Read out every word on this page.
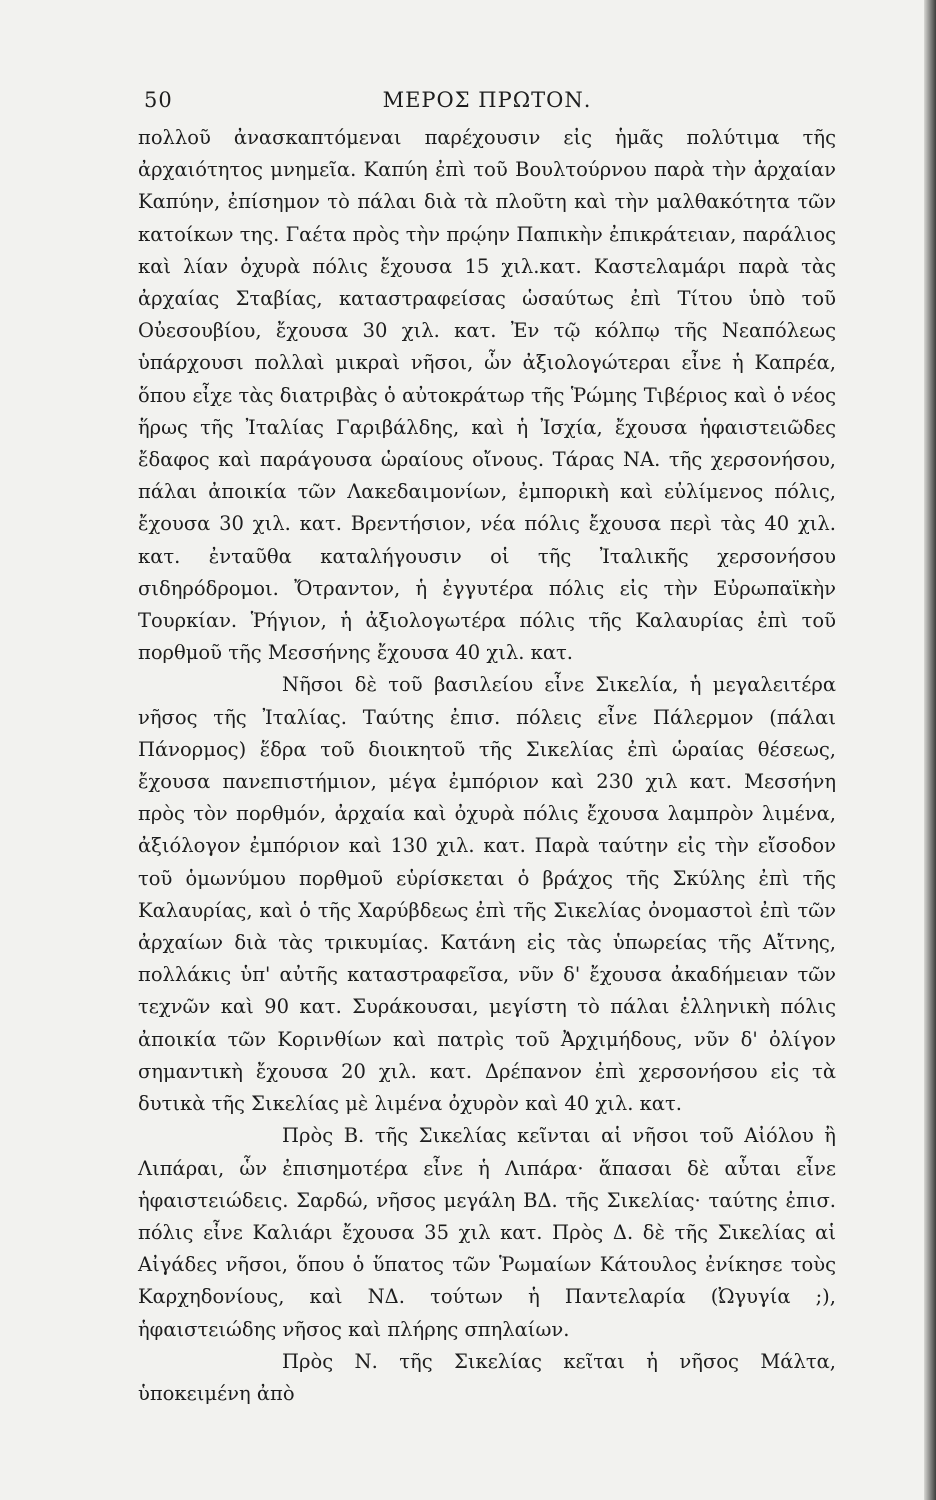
50	ΜΕΡΟΣ ΠΡΩΤΟΝ.

πολλοῦ ἀνασκαπτόμεναι παρέχουσιν εἰς ἡμᾶς πολύτιμα τῆς ἀρχαιότητος μνημεῖα. Καπύη ἐπὶ τοῦ Βουλτούρνου παρὰ τὴν ἀρχαίαν Καπύην, ἐπίσημον τὸ πάλαι διὰ τὰ πλοῦτη καὶ τὴν μαλθακότητα τῶν κατοίκων της. Γαέτα πρὸς τὴν πρῴην Παπικὴν ἐπικράτειαν, παράλιος καὶ λίαν ὀχυρὰ πόλις ἔχουσα 15 χιλ.κατ. Καστελαμάρι παρὰ τὰς ἀρχαίας Σταβίας, καταστραφείσας ὡσαύτως ἐπὶ Τίτου ὑπὸ τοῦ Οὐεσουβίου, ἔχουσα 30 χιλ. κατ. Ἐν τῷ κόλπῳ τῆς Νεαπόλεως ὑπάρχουσι πολλαὶ μικραὶ νῆσοι, ὧν ἀξιολογώτεραι εἶνε ἡ Καπρέα, ὅπου εἶχε τὰς διατριβὰς ὁ αὐτοκράτωρ τῆς Ῥώμης Τιβέριος καὶ ὁ νέος ἥρως τῆς Ἰταλίας Γαριβάλδης, καὶ ἡ Ἰσχία, ἔχουσα ἡφαιστειῶδες ἔδαφος καὶ παράγουσα ὡραίους οἴνους. Τάρας ΝΑ. τῆς χερσονήσου, πάλαι ἀποικία τῶν Λακεδαιμονίων, ἐμπορικὴ καὶ εὐλίμενος πόλις, ἔχουσα 30 χιλ. κατ. Βρεντήσιον, νέα πόλις ἔχουσα περὶ τὰς 40 χιλ. κατ. ἐνταῦθα καταλήγουσιν οἱ τῆς Ἰταλικῆς χερσονήσου σιδηρόδρομοι. Ὄτραντον, ἡ ἐγγυτέρα πόλις εἰς τὴν Εὐρωπαϊκὴν Τουρκίαν. Ῥήγιον, ἡ ἀξιολογωτέρα πόλις τῆς Καλαυρίας ἐπὶ τοῦ πορθμοῦ τῆς Μεσσήνης ἔχουσα 40 χιλ. κατ.

Νῆσοι δὲ τοῦ βασιλείου εἶνε Σικελία, ἡ μεγαλειτέρα νῆσος τῆς Ἰταλίας. Ταύτης ἐπισ. πόλεις εἶνε Πάλερμον (πάλαι Πάνορμος) ἕδρα τοῦ διοικητοῦ τῆς Σικελίας ἐπὶ ὡραίας θέσεως, ἔχουσα πανεπιστήμιον, μέγα ἐμπόριον καὶ 230 χιλ κατ. Μεσσήνη πρὸς τὸν πορθμόν, ἀρχαία καὶ ὀχυρὰ πόλις ἔχουσα λαμπρὸν λιμένα, ἀξιόλογον ἐμπόριον καὶ 130 χιλ. κατ. Παρὰ ταύτην εἰς τὴν εἴσοδον τοῦ ὁμωνύμου πορθμοῦ εὑρίσκεται ὁ βράχος τῆς Σκύλης ἐπὶ τῆς Καλαυρίας, καὶ ὁ τῆς Χαρύβδεως ἐπὶ τῆς Σικελίας ὀνομαστοὶ ἐπὶ τῶν ἀρχαίων διὰ τὰς τρικυμίας. Κατάνη εἰς τὰς ὑπωρείας τῆς Αἴτνης, πολλάκις ὑπ' αὐτῆς καταστραφεῖσα, νῦν δ' ἔχουσα ἀκαδήμειαν τῶν τεχνῶν καὶ 90 κατ. Συράκουσαι, μεγίστη τὸ πάλαι ἑλληνικὴ πόλις ἀποικία τῶν Κορινθίων καὶ πατρὶς τοῦ Ἀρχιμήδους, νῦν δ' ὀλίγον σημαντικὴ ἔχουσα 20 χιλ. κατ. Δρέπανον ἐπὶ χερσονήσου εἰς τὰ δυτικὰ τῆς Σικελίας μὲ λιμένα ὀχυρὸν καὶ 40 χιλ. κατ.

Πρὸς Β. τῆς Σικελίας κεῖνται αἱ νῆσοι τοῦ Αἰόλου ἢ Λιπάραι, ὧν ἐπισημοτέρα εἶνε ἡ Λιπάρα· ἅπασαι δὲ αὗται εἶνε ἡφαιστειώδεις. Σαρδώ, νῆσος μεγάλη ΒΔ. τῆς Σικελίας· ταύτης ἐπισ. πόλις εἶνε Καλιάρι ἔχουσα 35 χιλ κατ. Πρὸς Δ. δὲ τῆς Σικελίας αἱ Αἰγάδες νῆσοι, ὅπου ὁ ὕπατος τῶν Ῥωμαίων Κάτουλος ἐνίκησε τοὺς Καρχηδονίους, καὶ ΝΔ. τούτων ἡ Παντελαρία (Ὠγυγία ;), ἡφαιστειώδης νῆσος καὶ πλήρης σπηλαίων.

Πρὸς Ν. τῆς Σικελίας κεῖται ἡ νῆσος Μάλτα, ὑποκειμένη ἀπὸ
